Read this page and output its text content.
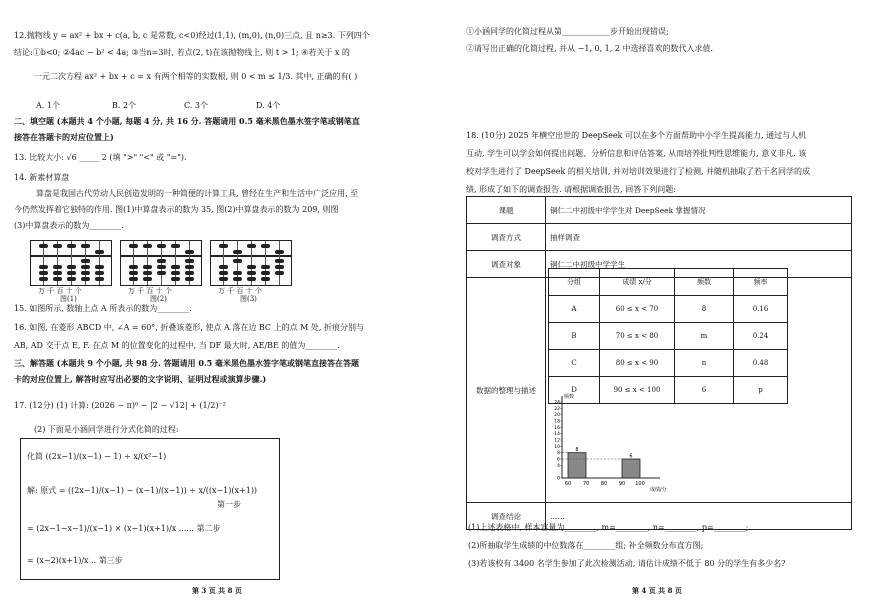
12.抛物线 y = ax² + bx + c(a, b, c 是常数, c<0)经过(1,1), (m,0), (n,0)三点, 且 n≥3. 下列四个
结论:①b<0; ②4ac − b² < 4a; ③当n=3时, 若点(2, t)在该抛物线上, 则 t > 1; ④若关于 x 的
一元二次方程 ax² + bx + c = x 有两个相等的实数根, 则 0 < m ≤ 1/3. 其中, 正确的有( )
A. 1个	B. 2个	C. 3个	D. 4个
二、填空题 (本题共 4 个小题, 每题 4 分, 共 16 分. 答题请用 0.5 毫米黑色墨水签字笔或钢笔直
接答在答题卡的对应位置上)
13. 比较大小: √6 _____ 2 (填 ">" "<" 或 "=").
14. 新素材算盘
算盘是我国古代劳动人民创造发明的一种简便的计算工具, 曾经在生产和生活中广泛应用, 至
今仍然发挥着它独特的作用. 图(1)中算盘表示的数为 35, 图(2)中算盘表示的数为 209, 则图
(3)中算盘表示的数为________.
万 千 百 十 个
图(1)
万 千 百 十 个
图(2)
万 千 百 十 个
图(3)
15. 如图所示, 数轴上点 A 所表示的数为________.
16. 如图, 在菱形 ABCD 中, ∠A = 60°, 折叠该菱形, 使点 A 落在边 BC 上的点 M 处, 折痕分别与
AB, AD 交于点 E, F. 在点 M 的位置变化的过程中, 当 DF 最大时, AE/BE 的值为________.
三、解答题 (本题共 9 个小题, 共 98 分. 答题请用 0.5 毫米黑色墨水签字笔或钢笔直接答在答题
卡的对应位置上, 解答时应写出必要的文字说明、证明过程或演算步骤.)
17. (12分) (1) 计算: (2026 − π)⁰ − |2 − √12| + (1/2)⁻²
(2) 下面是小涵同学进行分式化简的过程:
化简 ((2x−1)/(x−1) − 1) ÷ x/(x²−1)
解: 原式 = ((2x−1)/(x−1) − (x−1)/(x−1)) ÷ x/((x−1)(x+1))
第一步
= (2x−1−x−1)/(x−1) × (x−1)(x+1)/x ...... 第二步
= (x−2)(x+1)/x .. 第三步
第 3 页 共 8 页
①小涵同学的化简过程从第____________步开始出现错误;
②请写出正确的化简过程, 并从 −1, 0, 1, 2 中选择喜欢的数代入求值.
18. (10分) 2025 年横空出世的 DeepSeek 可以在多个方面帮助中小学生提高能力, 通过与人机
互动, 学生可以学会如何提出问题、分析信息和评估答案, 从而培养批判性思维能力, 意义非凡. 该
校对学生进行了 DeepSeek 的相关培训, 并对培训效果进行了检测, 并随机抽取了若干名同学的成
绩, 形成了如下的调查报告. 请根据调查报告, 回答下列问题:
课题	铜仁二中初级中学学生对 DeepSeek 掌握情况
调查方式	抽样调查
调查对象	铜仁二中初级中学学生
数据的整理与描述	
调查结论	……
分组	成绩 x/分	频数	频率
A	60 ≤ x < 70	8	0.16
B	70 ≤ x < 80	m	0.24
C	80 ≤ x < 90	n	0.48
D	90 ≤ x < 100	6	p
频数
成绩/分
0
4
6
8
10
12
14
16
18
20
22
24
60 70 80 90 100
8
6
(1)上述表格中, 样本容量为________, m=________, n=________, p=________;
(2)所抽取学生成绩的中位数落在________组; 补全频数分布直方图;
(3)若该校有 3400 名学生参加了此次检测活动, 请估计成绩不低于 80 分的学生有多少名?
第 4 页 共 8 页
